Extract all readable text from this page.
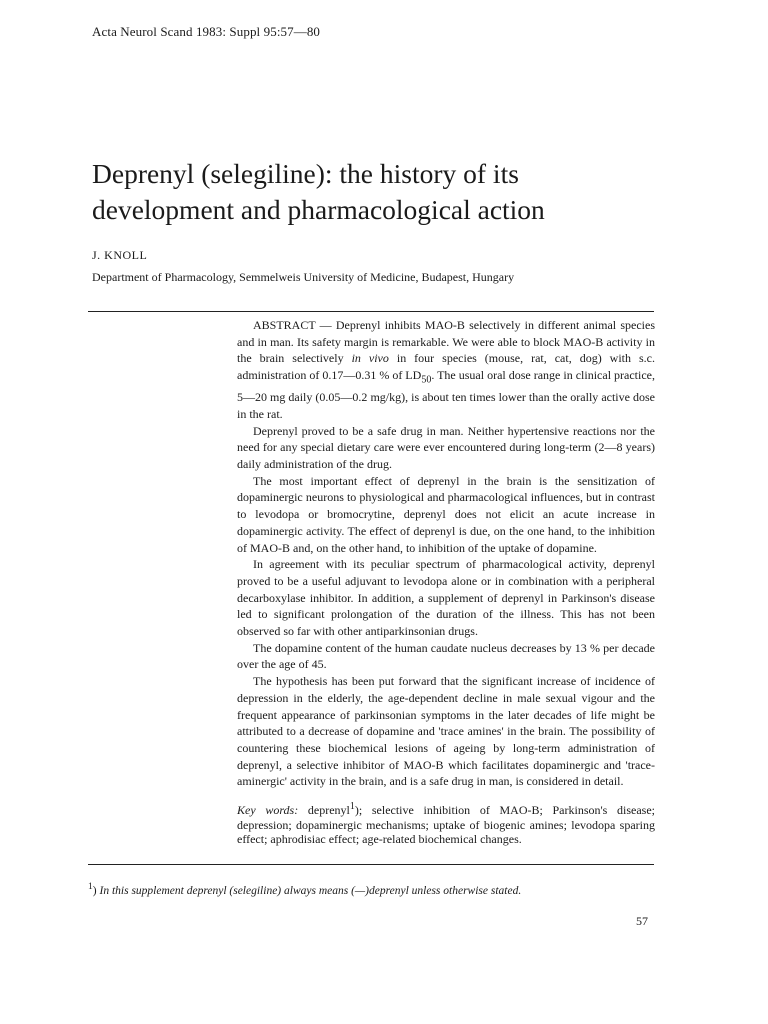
Acta Neurol Scand 1983: Suppl 95:57—80
Deprenyl (selegiline): the history of its
development and pharmacological action
J. KNOLL
Department of Pharmacology, Semmelweis University of Medicine, Budapest, Hungary

ABSTRACT — Deprenyl inhibits MAO-B selectively in different animal species and in man. Its safety margin is remarkable. We were able to block MAO-B activity in the brain selectively in vivo in four species (mouse, rat, cat, dog) with s.c. administration of 0.17—0.31 % of $LD_{50}$. The usual oral dose range in clinical practice, 5—20 mg daily (0.05—0.2 mg/kg), is about ten times lower than the orally active dose in the rat.

Deprenyl proved to be a safe drug in man. Neither hypertensive reactions nor the need for any special dietary care were ever encountered during long-term (2—8 years) daily administration of the drug.

The most important effect of deprenyl in the brain is the sensitization of dopaminergic neurons to physiological and pharmacological influences, but in contrast to levodopa or bromocrytine, deprenyl does not elicit an acute increase in dopaminergic activity. The effect of deprenyl is due, on the one hand, to the inhibition of MAO-B and, on the other hand, to inhibition of the uptake of dopamine.

In agreement with its peculiar spectrum of pharmacological activity, deprenyl proved to be a useful adjuvant to levodopa alone or in combination with a peripheral decarboxylase inhibitor. In addition, a supplement of deprenyl in Parkinson's disease led to significant prolongation of the duration of the illness. This has not been observed so far with other antiparkinsonian drugs.

The dopamine content of the human caudate nucleus decreases by 13 % per decade over the age of 45.

The hypothesis has been put forward that the significant increase of incidence of depression in the elderly, the age-dependent decline in male sexual vigour and the frequent appearance of parkinsonian symptoms in the later decades of life might be attributed to a decrease of dopamine and 'trace amines' in the brain. The possibility of countering these biochemical lesions of ageing by long-term administration of deprenyl, a selective inhibitor of MAO-B which facilitates dopaminergic and 'trace-aminergic' activity in the brain, and is a safe drug in man, is considered in detail.

Key words: deprenyl$^1$); selective inhibition of MAO-B; Parkinson's disease; depression; dopaminergic mechanisms; uptake of biogenic amines; levodopa sparing effect; aphrodisiac effect; age-related biochemical changes.

$^1$) In this supplement deprenyl (selegiline) always means (—)deprenyl unless otherwise stated.
57
